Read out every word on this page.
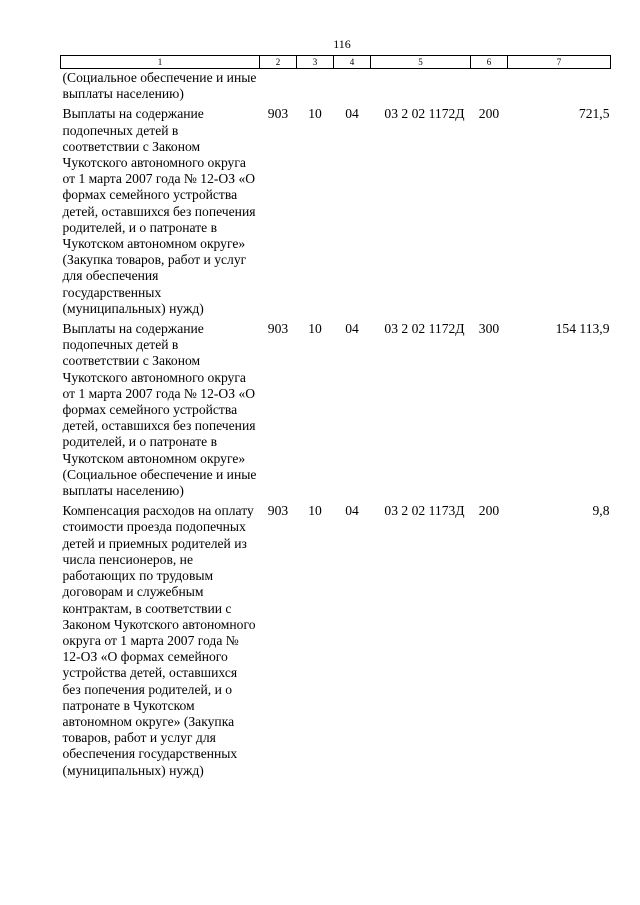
116
1	2	3	4	5	6	7
(Социальное обеспечение и иные выплаты населению)						
Выплаты на содержание подопечных детей в соответствии с Законом Чукотского автономного округа от 1 марта 2007 года № 12-ОЗ «О формах семейного устройства детей, оставшихся без попечения родителей, и о патронате в Чукотском автономном округе» (Закупка товаров, работ и услуг для обеспечения государственных (муниципальных) нужд)	903	10	04	03 2 02 1172Д	200	721,5
Выплаты на содержание подопечных детей в соответствии с Законом Чукотского автономного округа от 1 марта 2007 года № 12-ОЗ «О формах семейного устройства детей, оставшихся без попечения родителей, и о патронате в Чукотском автономном округе» (Социальное обеспечение и иные выплаты населению)	903	10	04	03 2 02 1172Д	300	154 113,9
Компенсация расходов на оплату стоимости проезда подопечных детей и приемных родителей из числа пенсионеров, не работающих по трудовым договорам и служебным контрактам, в соответствии с Законом Чукотского автономного округа от 1 марта 2007 года № 12-ОЗ «О формах семейного устройства детей, оставшихся без попечения родителей, и о патронате в Чукотском автономном округе» (Закупка товаров, работ и услуг для обеспечения государственных (муниципальных) нужд)	903	10	04	03 2 02 1173Д	200	9,8
